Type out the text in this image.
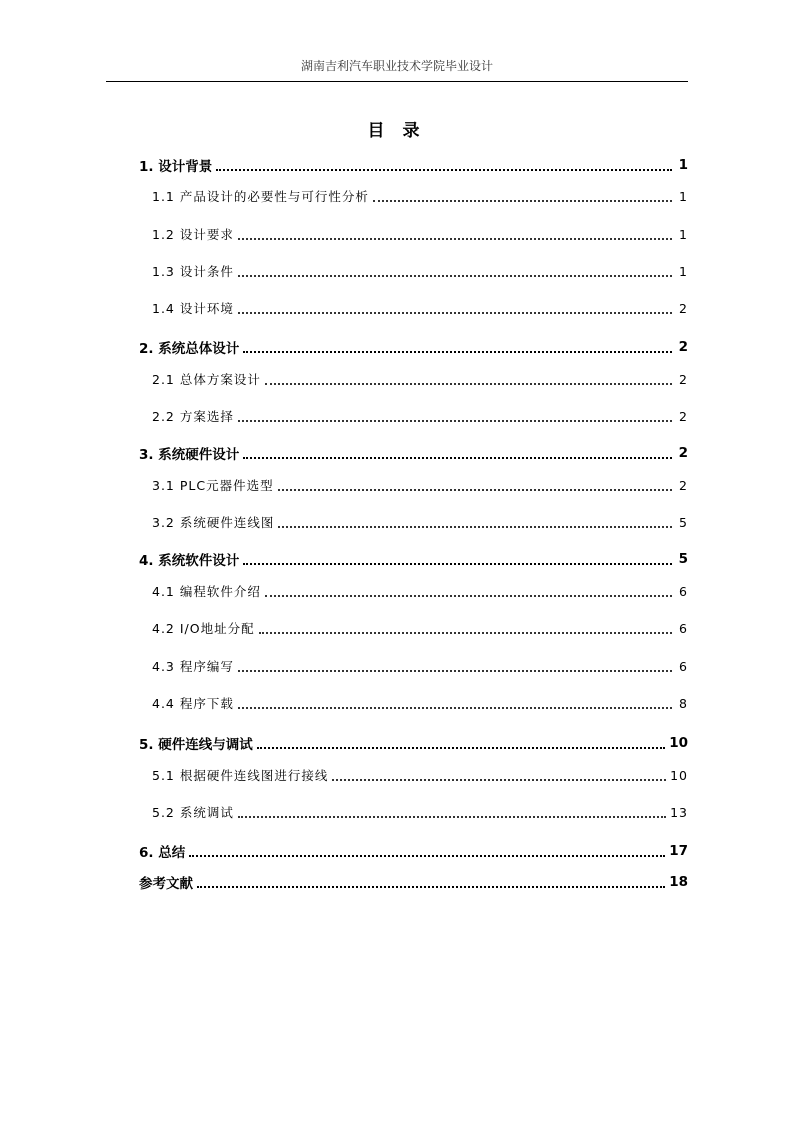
湖南吉利汽车职业技术学院毕业设计
目 录
1. 设计背景	1
1.1 产品设计的必要性与可行性分析	1
1.2 设计要求	1
1.3 设计条件	1
1.4 设计环境	2
2. 系统总体设计	2
2.1 总体方案设计	2
2.2 方案选择	2
3. 系统硬件设计	2
3.1 PLC元器件选型	2
3.2 系统硬件连线图	5
4. 系统软件设计	5
4.1 编程软件介绍	6
4.2 I/O地址分配	6
4.3 程序编写	6
4.4 程序下载	8
5. 硬件连线与调试	10
5.1 根据硬件连线图进行接线	10
5.2 系统调试	13
6. 总结	17
参考文献	18
